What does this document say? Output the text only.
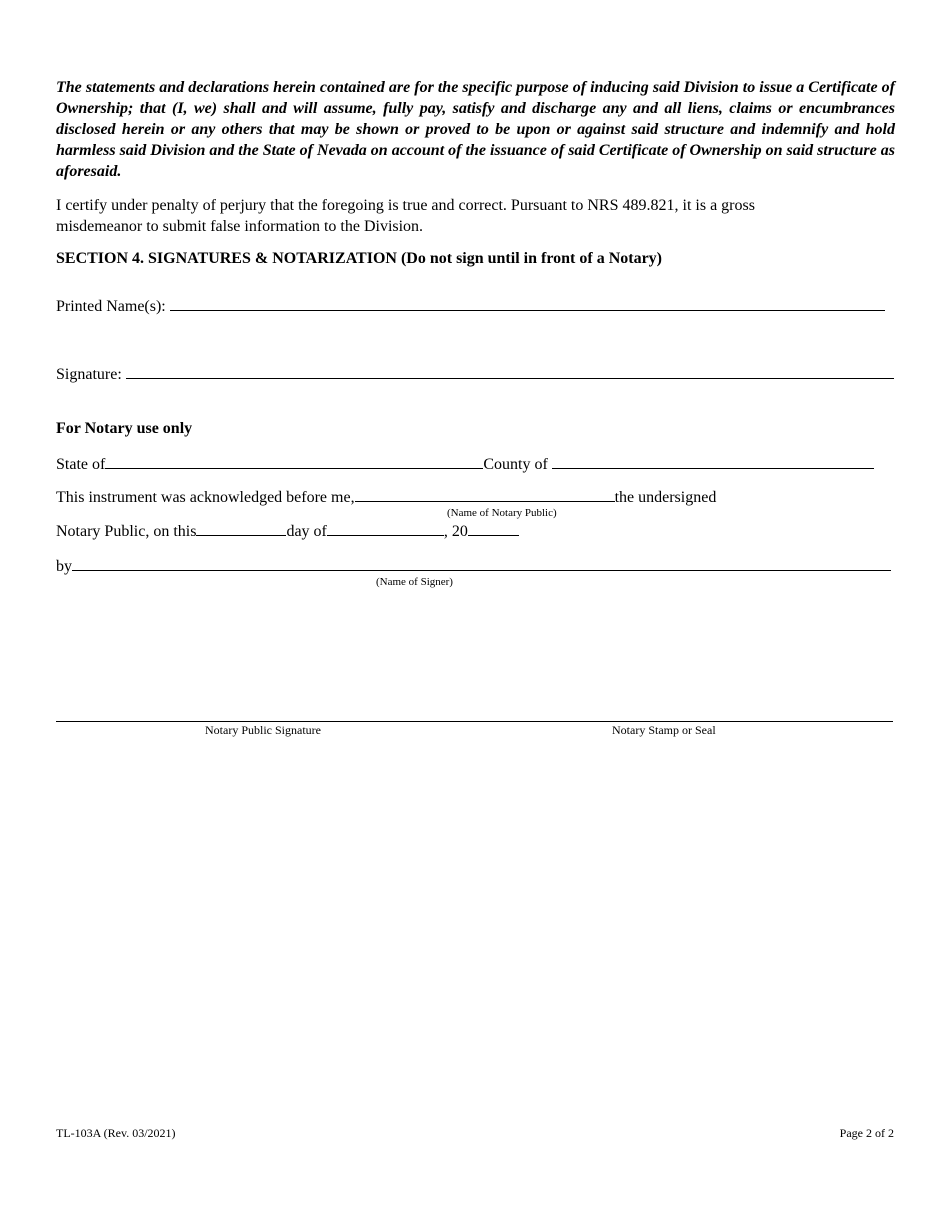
The statements and declarations herein contained are for the specific purpose of inducing said Division to issue a Certificate of Ownership; that (I, we) shall and will assume, fully pay, satisfy and discharge any and all liens, claims or encumbrances disclosed herein or any others that may be shown or proved to be upon or against said structure and indemnify and hold harmless said Division and the State of Nevada on account of the issuance of said Certificate of Ownership on said structure as aforesaid.

I certify under penalty of perjury that the foregoing is true and correct. Pursuant to NRS 489.821, it is a gross misdemeanor to submit false information to the Division.

SECTION 4. SIGNATURES & NOTARIZATION (Do not sign until in front of a Notary)
Printed Name(s):
Signature:
For Notary use only
State of	County of
This instrument was acknowledged before me,	the undersigned
(Name of Notary Public)
Notary Public, on this	day of	, 20
by
(Name of Signer)
Notary Public Signature	Notary Stamp or Seal
TL-103A (Rev. 03/2021)	Page 2 of 2
